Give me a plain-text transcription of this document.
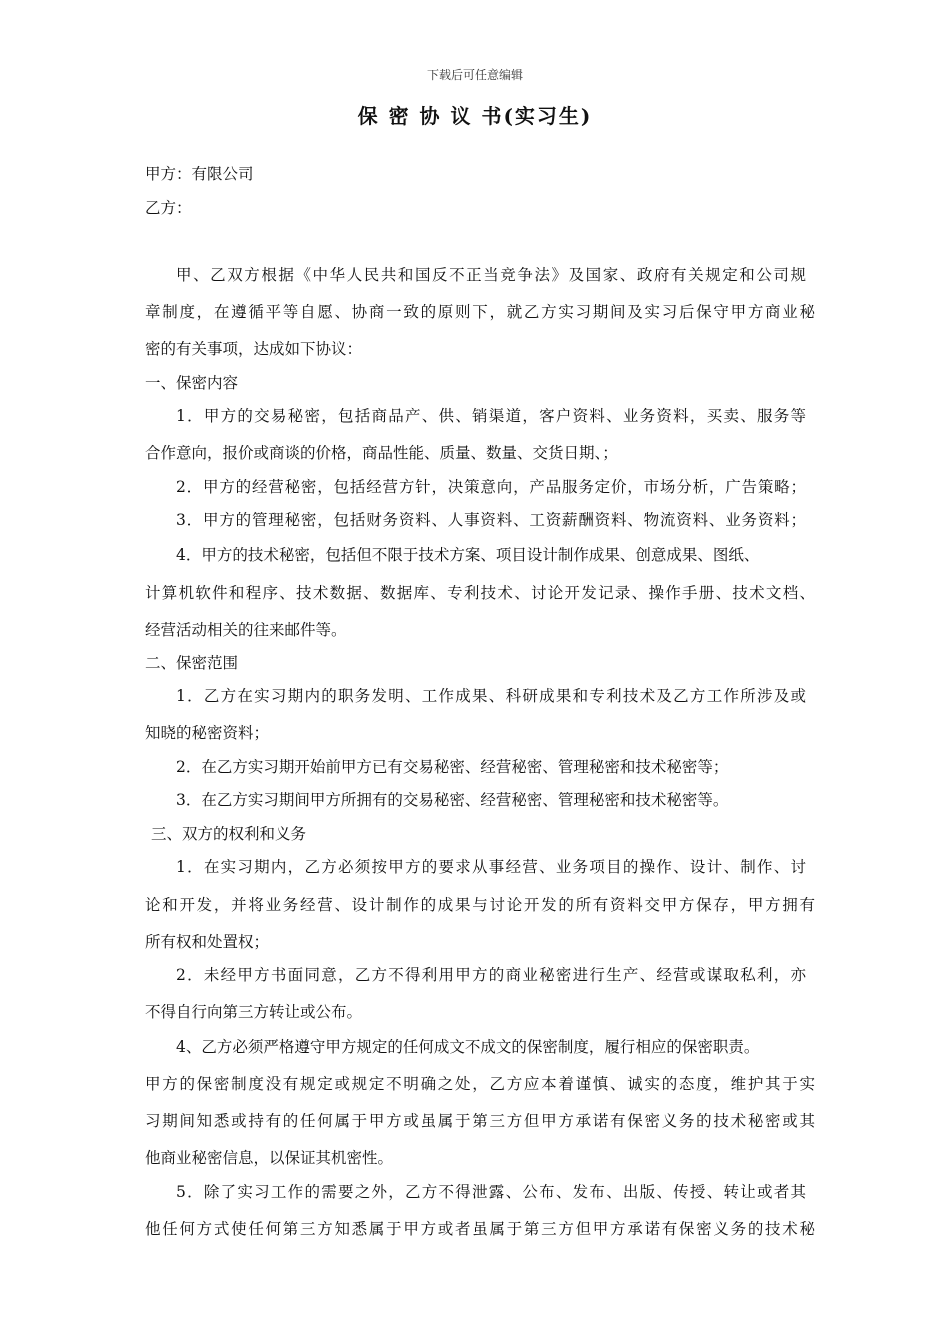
下载后可任意编辑
保 密 协 议 书(实习生)
甲方：有限公司
乙方：
甲、乙双方根据《中华人民共和国反不正当竞争法》及国家、政府有关规定和公司规
章制度，在遵循平等自愿、协商一致的原则下，就乙方实习期间及实习后保守甲方商业秘
密的有关事项，达成如下协议：
一、保密内容
1．甲方的交易秘密，包括商品产、供、销渠道，客户资料、业务资料，买卖、服务等
合作意向，报价或商谈的价格，商品性能、质量、数量、交货日期、；
2．甲方的经营秘密，包括经营方针，决策意向，产品服务定价，市场分析，广告策略；
3．甲方的管理秘密，包括财务资料、人事资料、工资薪酬资料、物流资料、业务资料；
4．甲方的技术秘密，包括但不限于技术方案、项目设计制作成果、创意成果、图纸、
计算机软件和程序、技术数据、数据库、专利技术、讨论开发记录、操作手册、技术文档、
经营活动相关的往来邮件等。
二、保密范围
1．乙方在实习期内的职务发明、工作成果、科研成果和专利技术及乙方工作所涉及或
知晓的秘密资料；
2．在乙方实习期开始前甲方已有交易秘密、经营秘密、管理秘密和技术秘密等；
3．在乙方实习期间甲方所拥有的交易秘密、经营秘密、管理秘密和技术秘密等。
三、双方的权利和义务
1．在实习期内，乙方必须按甲方的要求从事经营、业务项目的操作、设计、制作、讨
论和开发，并将业务经营、设计制作的成果与讨论开发的所有资料交甲方保存，甲方拥有
所有权和处置权；
2．未经甲方书面同意，乙方不得利用甲方的商业秘密进行生产、经营或谋取私利，亦
不得自行向第三方转让或公布。
4、乙方必须严格遵守甲方规定的任何成文不成文的保密制度，履行相应的保密职责。
甲方的保密制度没有规定或规定不明确之处，乙方应本着谨慎、诚实的态度，维护其于实
习期间知悉或持有的任何属于甲方或虽属于第三方但甲方承诺有保密义务的技术秘密或其
他商业秘密信息，以保证其机密性。
5．除了实习工作的需要之外，乙方不得泄露、公布、发布、出版、传授、转让或者其
他任何方式使任何第三方知悉属于甲方或者虽属于第三方但甲方承诺有保密义务的技术秘
